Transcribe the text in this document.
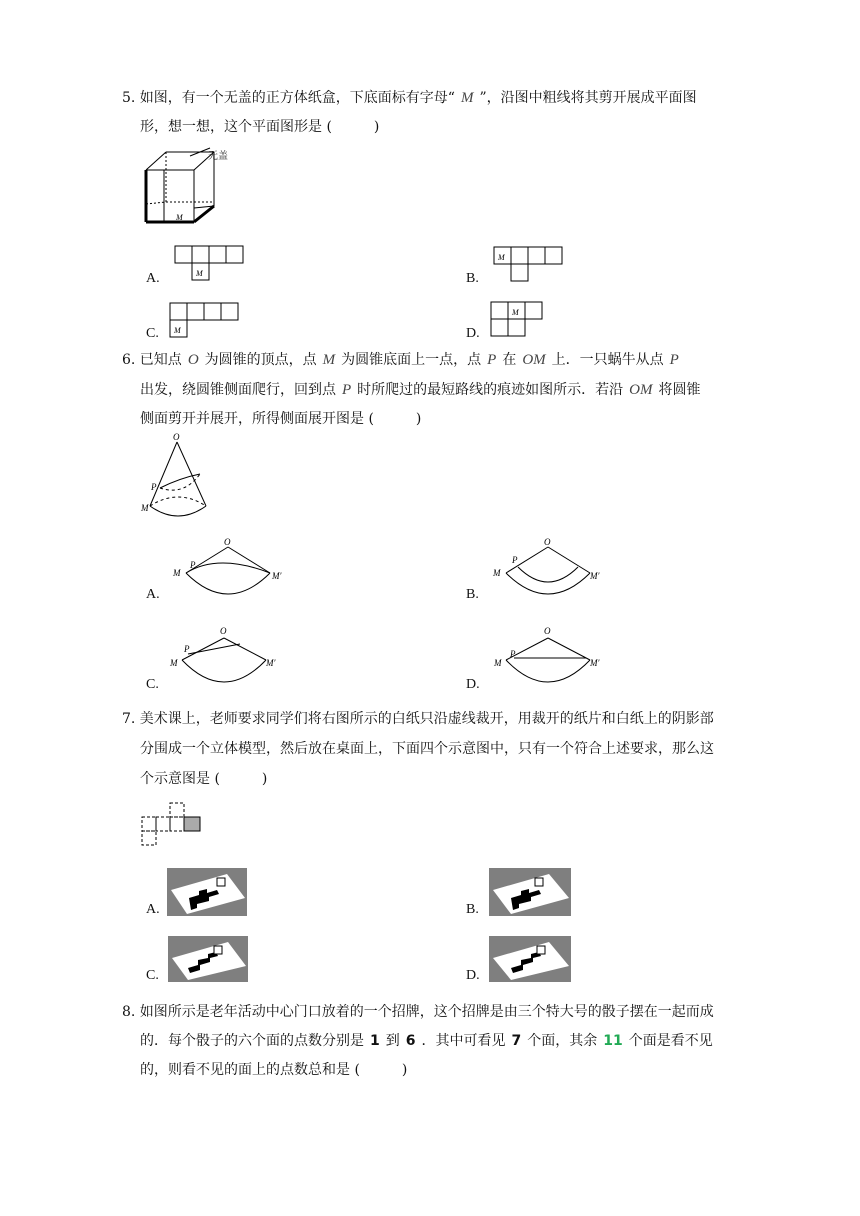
5. 如图，有一个无盖的正方体纸盒，下底面标有字母“ M ”，沿图中粗线将其剪开展成平面图
形，想一想，这个平面图形是 (　　　)
M
无盖
A.	M	B.
M
C. M	D.
M
6. 已知点 O 为圆锥的顶点，点 M 为圆锥底面上一点，点 P 在 OM 上．一只蜗牛从点 P
出发，绕圆锥侧面爬行，回到点 P 时所爬过的最短路线的痕迹如图所示．若沿 OM 将圆锥
侧面剪开并展开，所得侧面展开图是 (　　　)
O
P
M
A.
O
P
M	M′
B.
O
P
M	M′
C.
O
P
M	M′
D.
O
P
M	M′
7. 美术课上，老师要求同学们将右图所示的白纸只沿虚线裁开，用裁开的纸片和白纸上的阴影部
分围成一个立体模型，然后放在桌面上，下面四个示意图中，只有一个符合上述要求，那么这
个示意图是 (　　　)
A.	B.
C.	D.
8. 如图所示是老年活动中心门口放着的一个招牌，这个招牌是由三个特大号的骰子摆在一起而成
的．每个骰子的六个面的点数分别是 1 到 6 ．其中可看见 7 个面，其余 11 个面是看不见
的，则看不见的面上的点数总和是 (　　　)
